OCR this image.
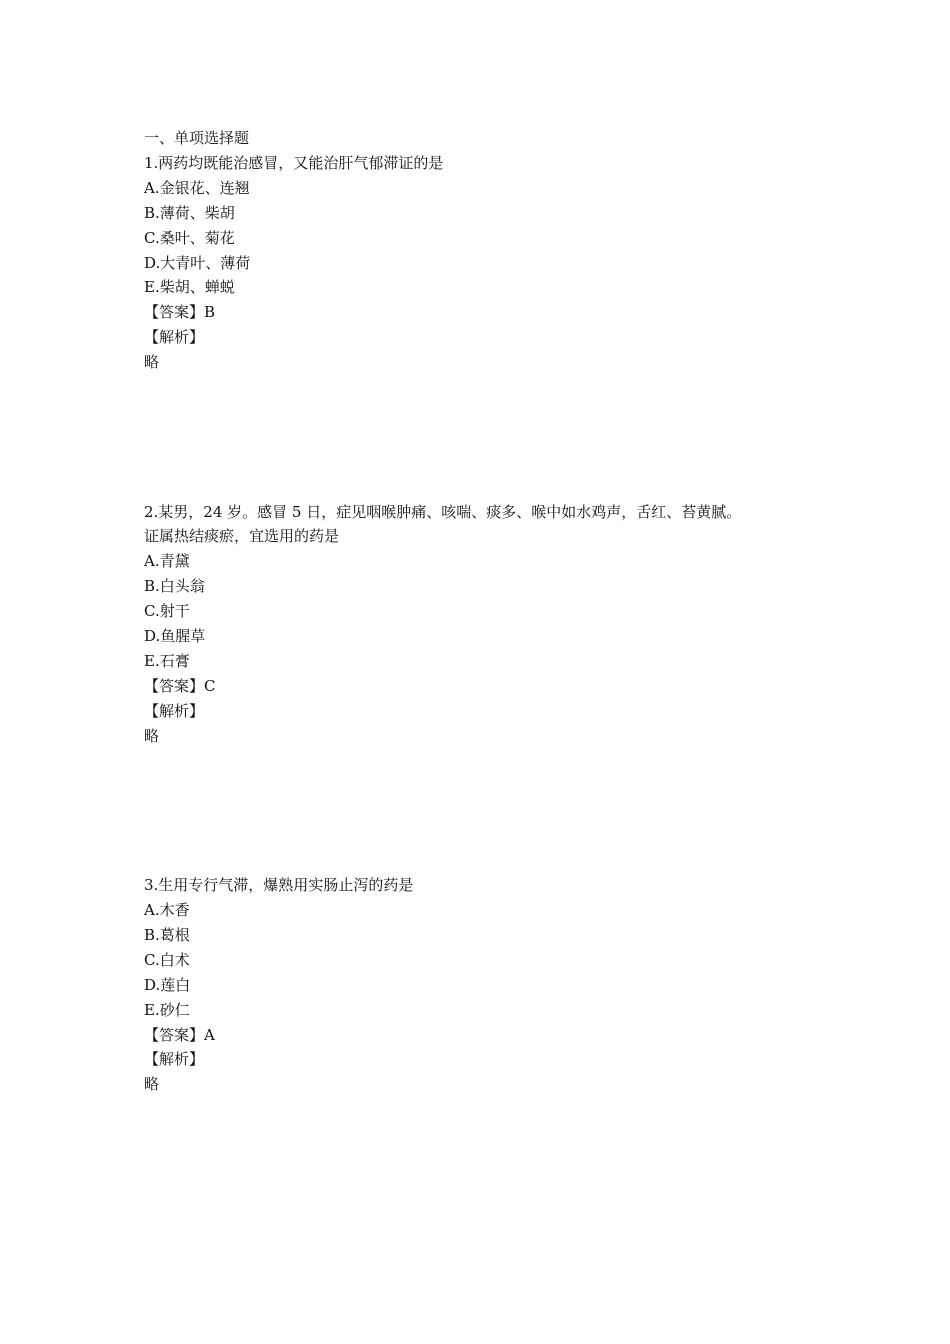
一、单项选择题
1.两药均既能治感冒，又能治肝气郁滞证的是
A.金银花、连翘
B.薄荷、柴胡
C.桑叶、菊花
D.大青叶、薄荷
E.柴胡、蝉蜕
【答案】B
【解析】
略
2.某男，24 岁。感冒 5 日，症见咽喉肿痛、咳喘、痰多、喉中如水鸡声，舌红、苔黄腻。
证属热结痰瘀，宜选用的药是
A.青黛
B.白头翁
C.射干
D.鱼腥草
E.石膏
【答案】C
【解析】
略
3.生用专行气滞，爆熟用实肠止泻的药是
A.木香
B.葛根
C.白术
D.莲白
E.砂仁
【答案】A
【解析】
略
